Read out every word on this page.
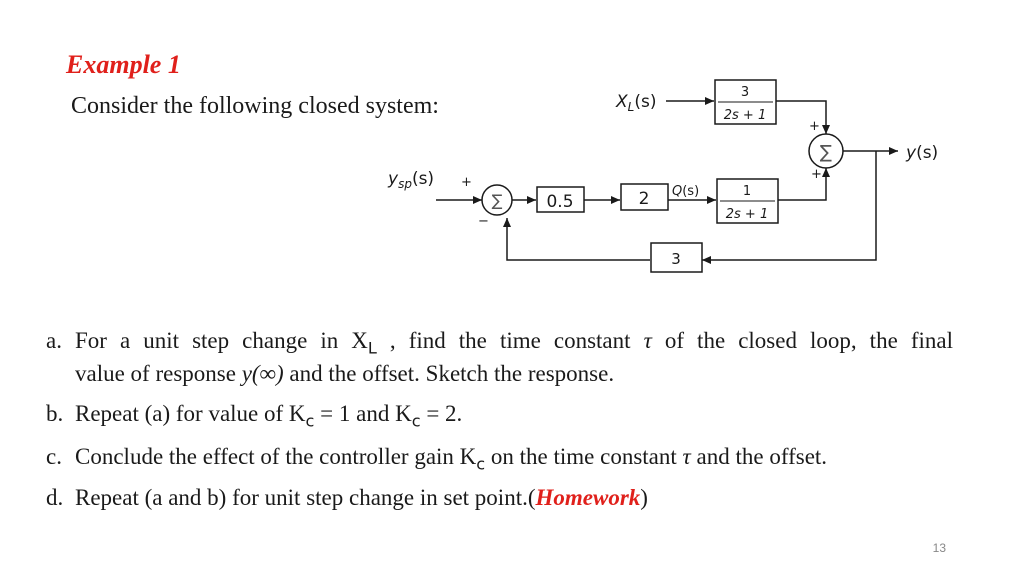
Example 1
Consider the following closed system:
∑
∑
+
−
+
+
0.5	2
3
1
2s + 1
3
2s + 1
$y_{sp}(s)$
$X_L(s)$
y(s)
Q(s)
a. For a unit step change in $X_L$ , find the time constant τ of the closed loop, the final
value of response y(∞) and the offset. Sketch the response.
b. Repeat (a) for value of $K_c = 1$ and $K_c = 2$.
c. Conclude the effect of the controller gain $K_c$ on the time constant τ and the offset.
d. Repeat (a and b) for unit step change in set point.(Homework)
13
